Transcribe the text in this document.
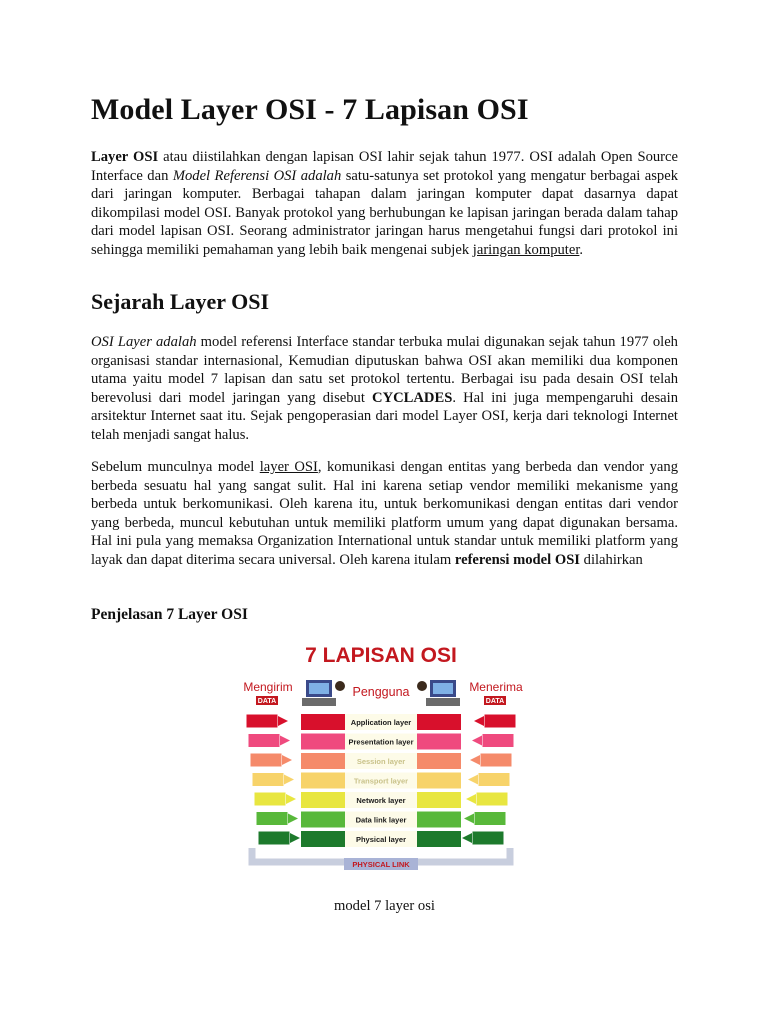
Model Layer OSI - 7 Lapisan OSI

Layer OSI atau diistilahkan dengan lapisan OSI lahir sejak tahun 1977. OSI adalah Open Source Interface dan Model Referensi OSI adalah satu-satunya set protokol yang mengatur berbagai aspek dari jaringan komputer. Berbagai tahapan dalam jaringan komputer dapat dasarnya dapat dikompilasi model OSI. Banyak protokol yang berhubungan ke lapisan jaringan berada dalam tahap dari model lapisan OSI. Seorang administrator jaringan harus mengetahui fungsi dari protokol ini sehingga memiliki pemahaman yang lebih baik mengenai subjek jaringan komputer.

Sejarah Layer OSI

OSI Layer adalah model referensi Interface standar terbuka mulai digunakan sejak tahun 1977 oleh organisasi standar internasional, Kemudian diputuskan bahwa OSI akan memiliki dua komponen utama yaitu model 7 lapisan dan satu set protokol tertentu. Berbagai isu pada desain OSI telah berevolusi dari model jaringan yang disebut CYCLADES. Hal ini juga mempengaruhi desain arsitektur Internet saat itu. Sejak pengoperasian dari model Layer OSI, kerja dari teknologi Internet telah menjadi sangat halus.

Sebelum munculnya model layer OSI, komunikasi dengan entitas yang berbeda dan vendor yang berbeda sesuatu hal yang sangat sulit. Hal ini karena setiap vendor memiliki mekanisme yang berbeda untuk berkomunikasi. Oleh karena itu, untuk berkomunikasi dengan entitas dari vendor yang berbeda, muncul kebutuhan untuk memiliki platform umum yang dapat digunakan bersama. Hal ini pula yang memaksa Organization International untuk standar untuk memiliki platform yang layak dan dapat diterima secara universal. Oleh karena itulam referensi model OSI dilahirkan

Penjelasan 7 Layer OSI
7 LAPISAN OSI
Mengirim	Menerima
Pengguna
DATA	DATA
Application layer
Presentation layer
Session layer
Transport layer
Network layer
Data link layer
Physical layer
PHYSICAL LINK
model 7 layer osi
